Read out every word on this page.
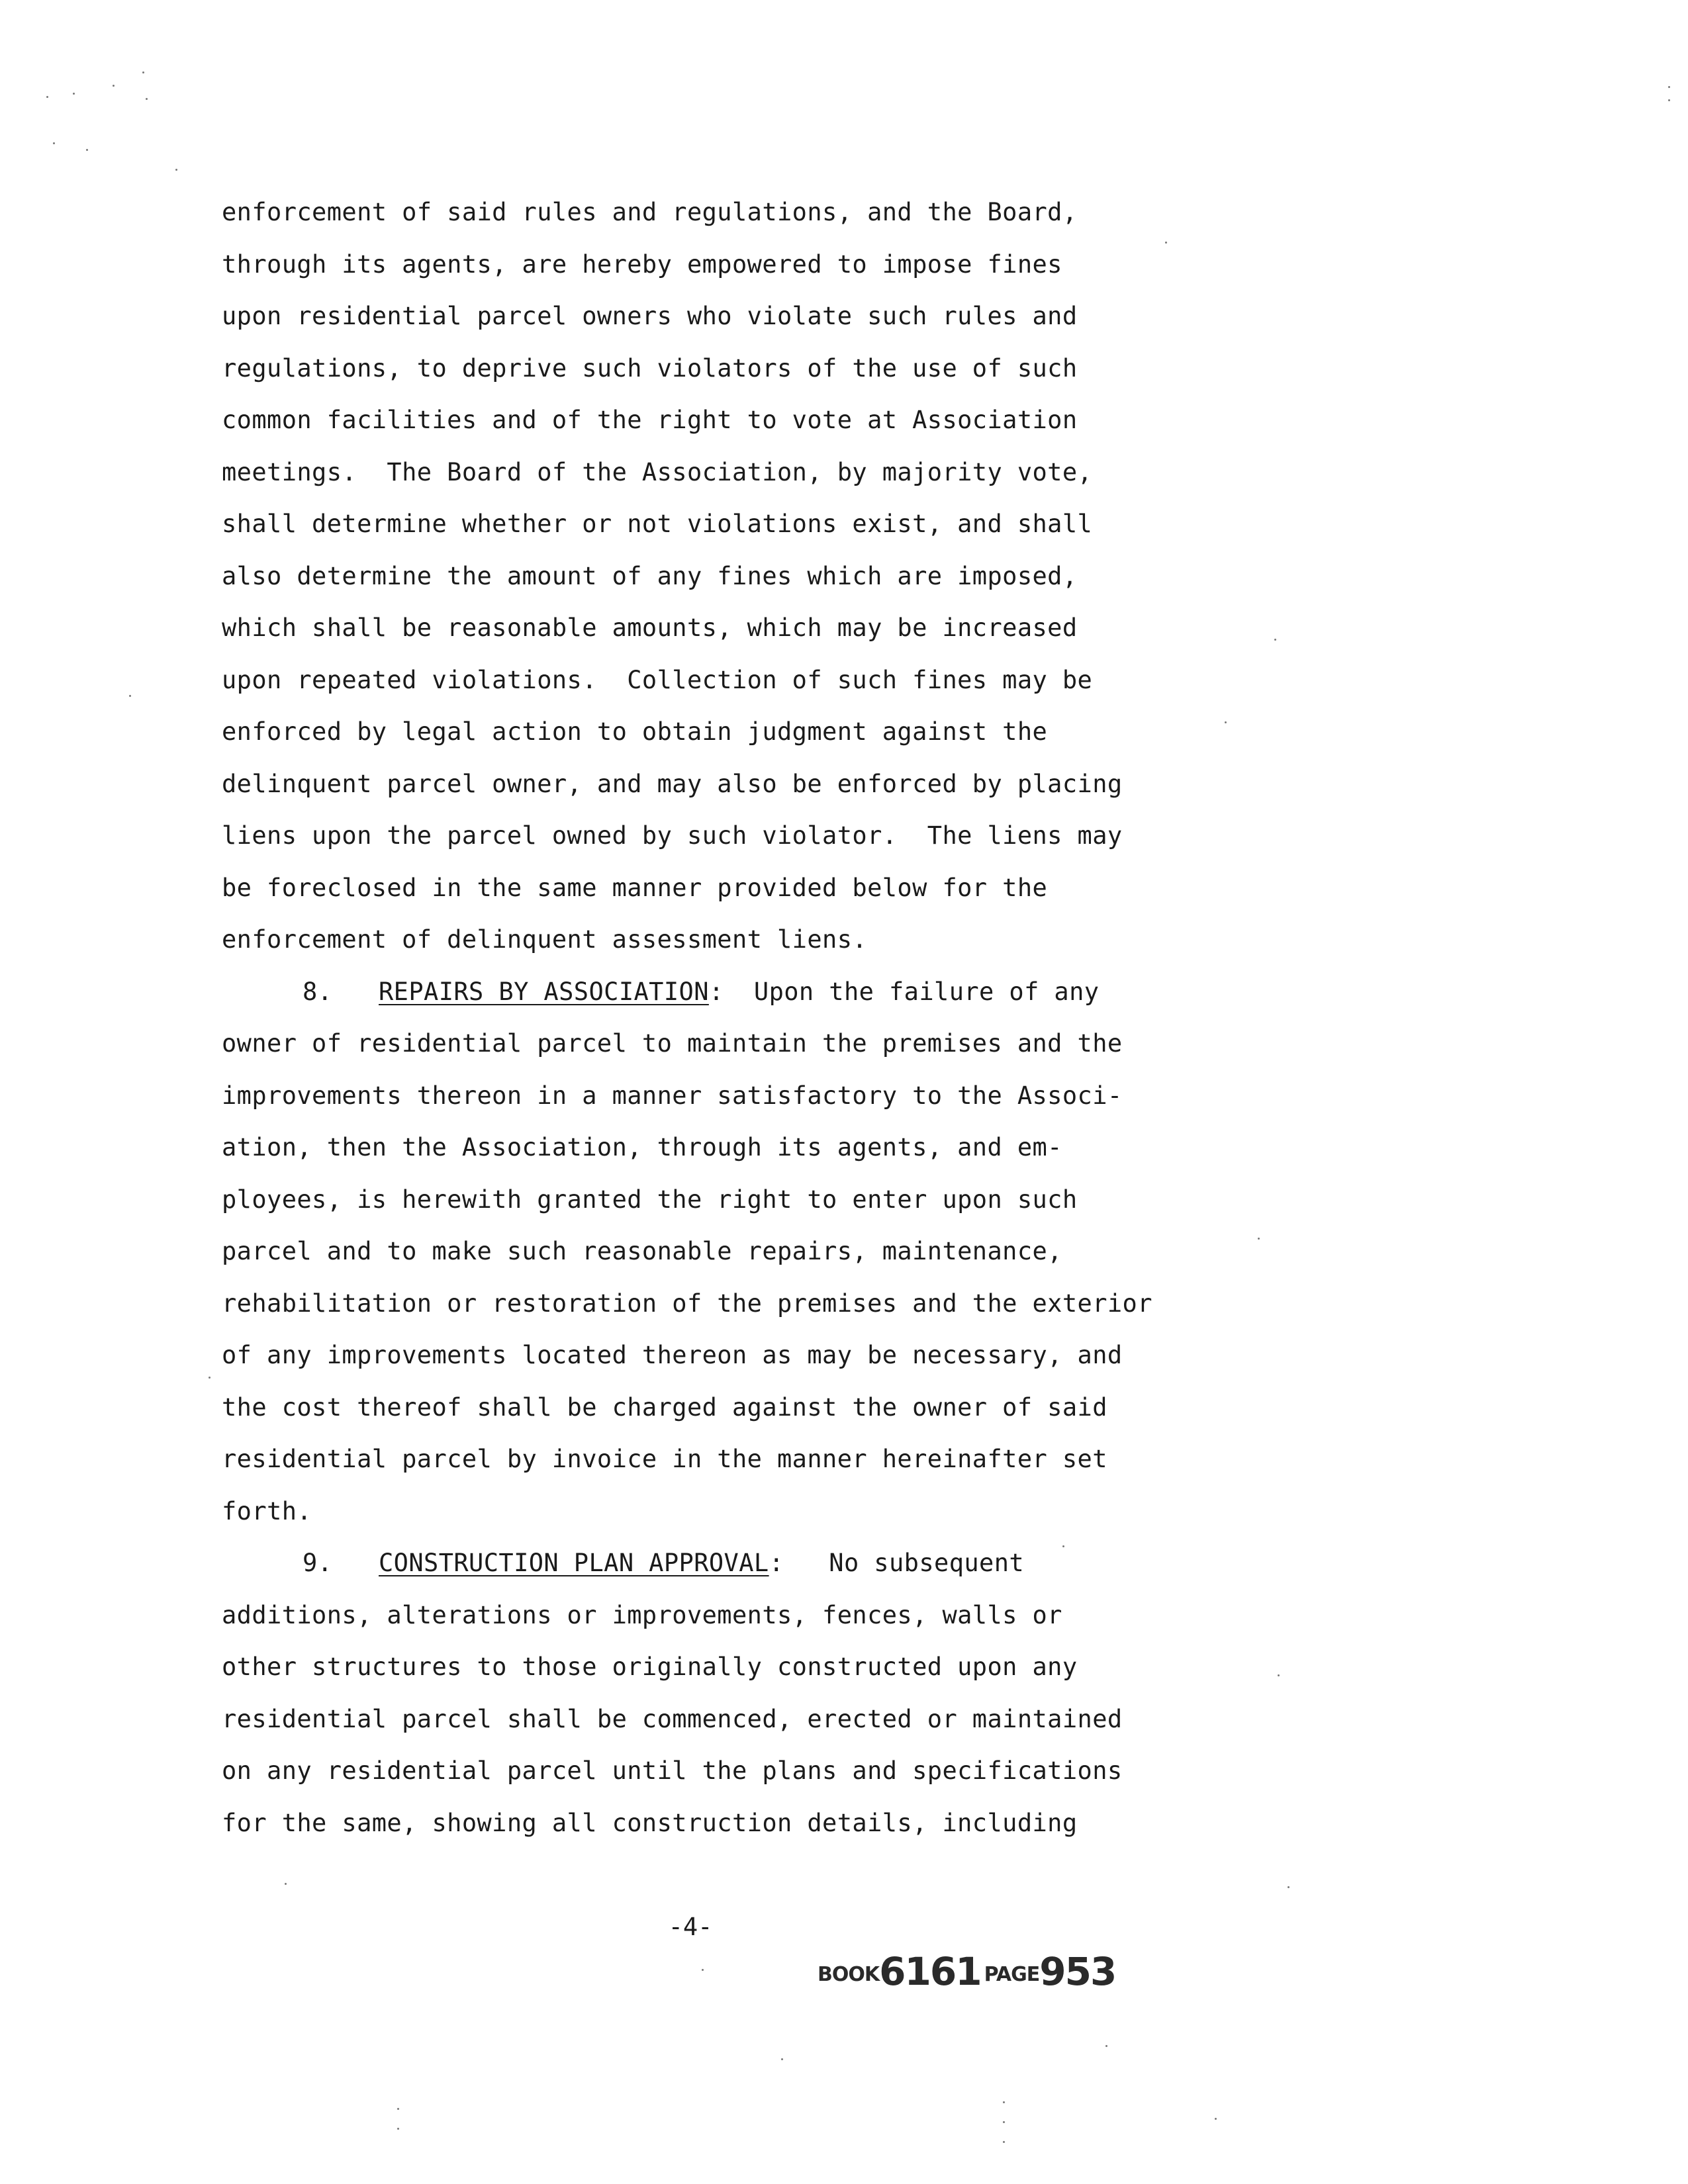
enforcement of said rules and regulations, and the Board,
through its agents, are hereby empowered to impose fines
upon residential parcel owners who violate such rules and
regulations, to deprive such violators of the use of such
common facilities and of the right to vote at Association
meetings.  The Board of the Association, by majority vote,
shall determine whether or not violations exist, and shall
also determine the amount of any fines which are imposed,
which shall be reasonable amounts, which may be increased
upon repeated violations.  Collection of such fines may be
enforced by legal action to obtain judgment against the
delinquent parcel owner, and may also be enforced by placing
liens upon the parcel owned by such violator.  The liens may
be foreclosed in the same manner provided below for the
enforcement of delinquent assessment liens.
8. REPAIRS BY ASSOCIATION:  Upon the failure of any
owner of residential parcel to maintain the premises and the
improvements thereon in a manner satisfactory to the Associ-
ation, then the Association, through its agents, and em-
ployees, is herewith granted the right to enter upon such
parcel and to make such reasonable repairs, maintenance,
rehabilitation or restoration of the premises and the exterior
of any improvements located thereon as may be necessary, and
the cost thereof shall be charged against the owner of said
residential parcel by invoice in the manner hereinafter set
forth.
9. CONSTRUCTION PLAN APPROVAL:   No subsequent
additions, alterations or improvements, fences, walls or
other structures to those originally constructed upon any
residential parcel shall be commenced, erected or maintained
on any residential parcel until the plans and specifications
for the same, showing all construction details, including
-4-
BOOK6161 PAGE953
